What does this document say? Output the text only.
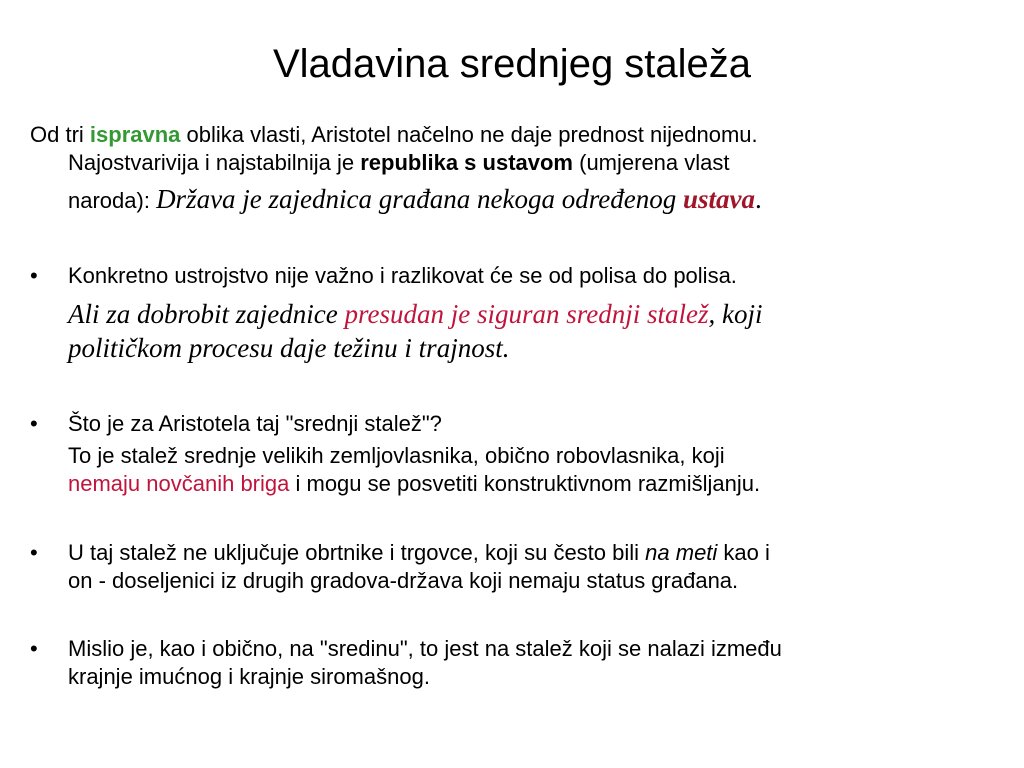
Vladavina srednjeg staleža
Od tri ispravna oblika vlasti, Aristotel načelno ne daje prednost nijednomu.
Najostvarivija i najstabilnija je republika s ustavom (umjerena vlast
naroda): Država je zajednica građana nekoga određenog ustava.
• Konkretno ustrojstvo nije važno i razlikovat će se od polisa do polisa.
Ali za dobrobit zajednice presudan je siguran srednji stalež, koji
političkom procesu daje težinu i trajnost.
• Što je za Aristotela taj "srednji stalež"?
To je stalež srednje velikih zemljovlasnika, obično robovlasnika, koji
nemaju novčanih briga i mogu se posvetiti konstruktivnom razmišljanju.
• U taj stalež ne uključuje obrtnike i trgovce, koji su često bili na meti kao i
on - doseljenici iz drugih gradova-država koji nemaju status građana.
• Mislio je, kao i obično, na "sredinu", to jest na stalež koji se nalazi između
krajnje imućnog i krajnje siromašnog.
